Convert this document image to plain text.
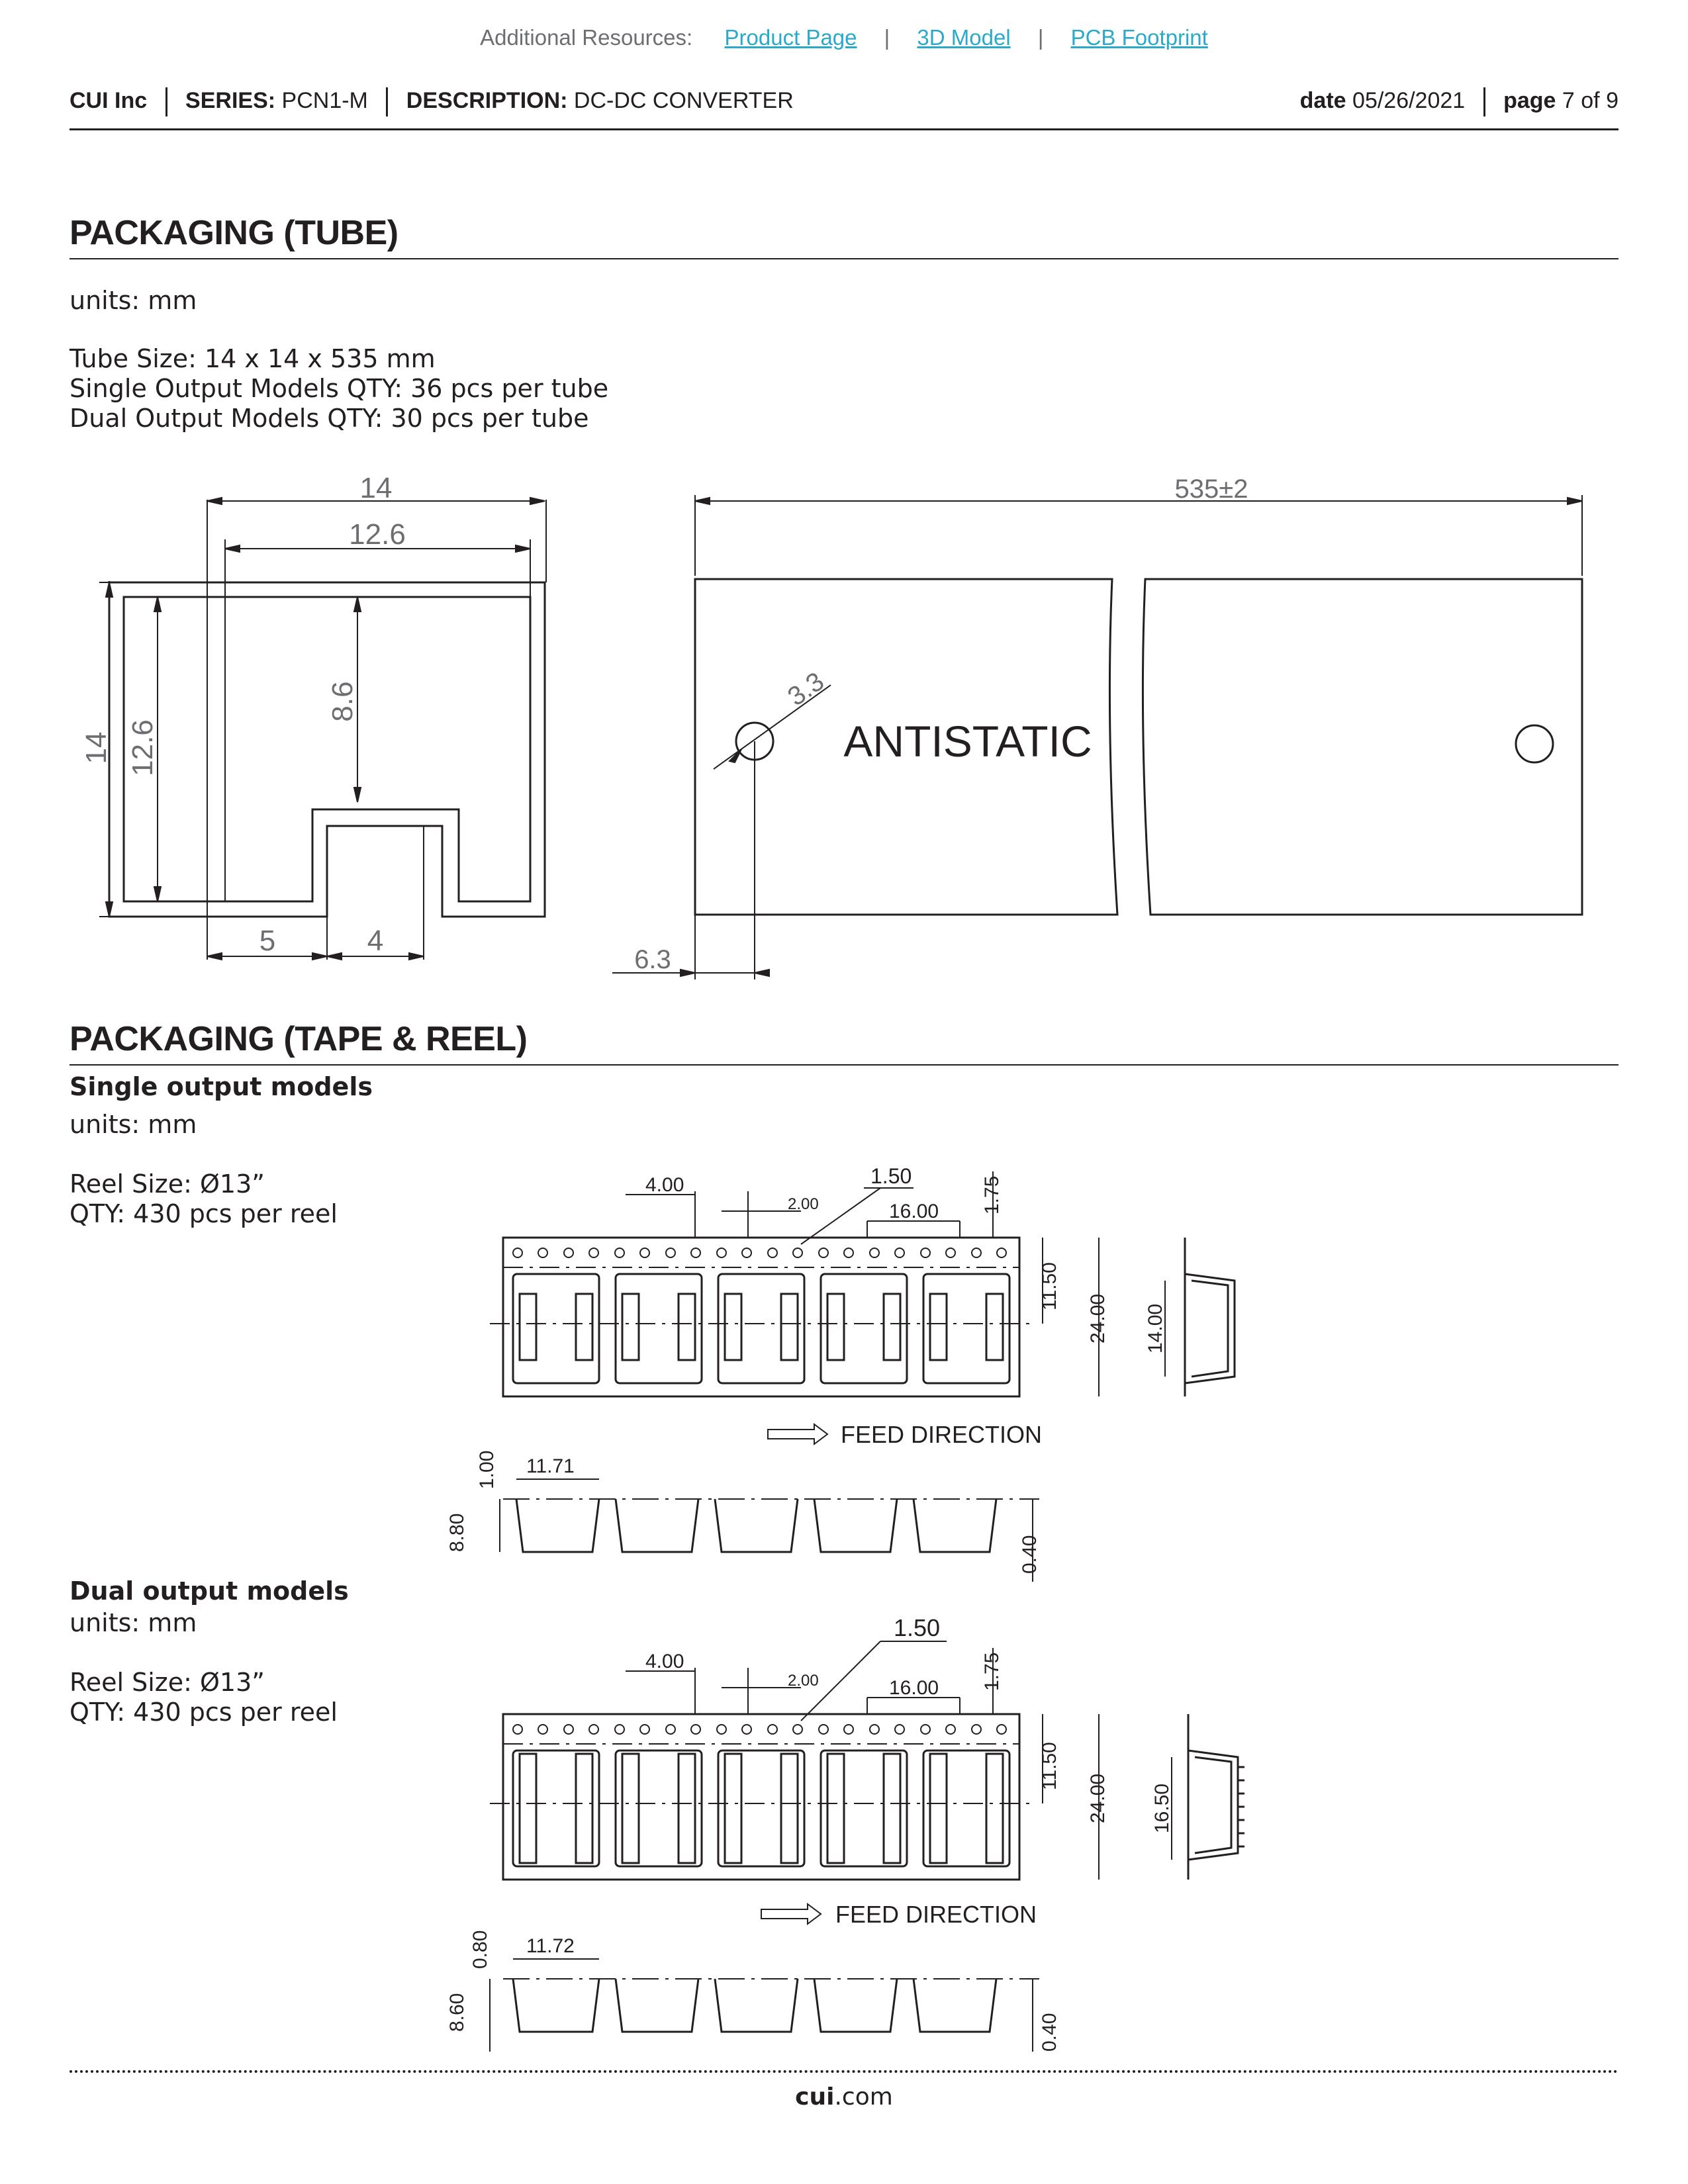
Additional Resources: Product Page | 3D Model | PCB Footprint
CUI Inc SERIES: PCN1-M DESCRIPTION: DC-DC CONVERTER	date 05/26/2021 page 7 of 9
PACKAGING (TUBE)
units: mm
Tube Size: 14 x 14 x 535 mm
Single Output Models QTY: 36 pcs per tube
Dual Output Models QTY: 30 pcs per tube
14
12.6
8.6
14 12.6
5	4
535±2
3.3
6.3
ANTISTATIC
PACKAGING (TAPE & REEL)
Single output models
units: mm
Reel Size: Ø13”
QTY: 430 pcs per reel
Dual output models
units: mm
Reel Size: Ø13”
QTY: 430 pcs per reel
4.00	1.50
2.00	16.00 1.75
11.50
24.00 14.00
FEED DIRECTION
11.71
1.00
8.80
0.40
4.00
1.50
2.00	16.00 1.75
11.50
24.00 16.50
FEED DIRECTION
11.72
0.80
8.60
0.40
cui.com
